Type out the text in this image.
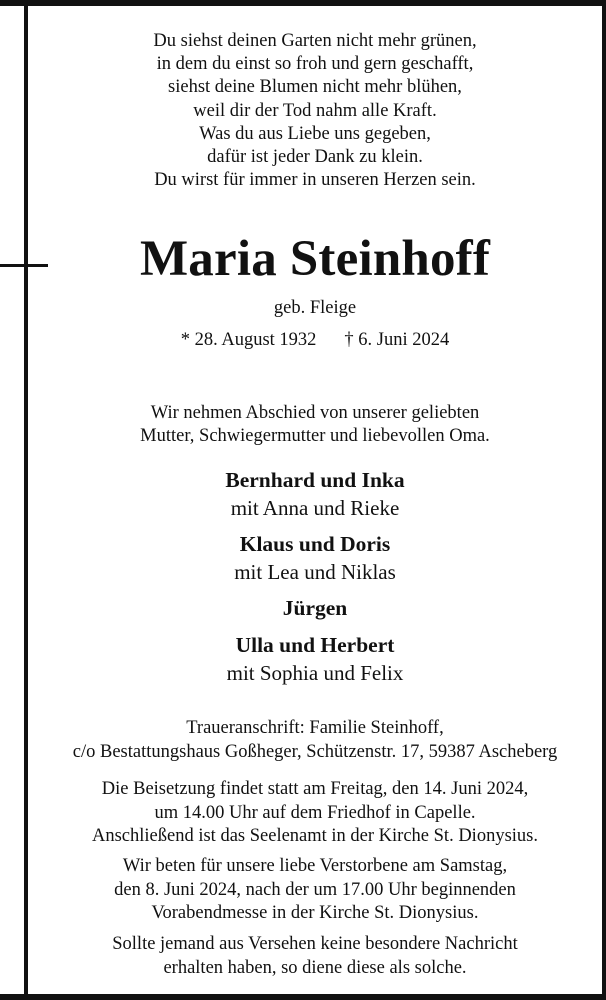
Du siehst deinen Garten nicht mehr grünen,
in dem du einst so froh und gern geschafft,
siehst deine Blumen nicht mehr blühen,
weil dir der Tod nahm alle Kraft.
Was du aus Liebe uns gegeben,
dafür ist jeder Dank zu klein.
Du wirst für immer in unseren Herzen sein.
Maria Steinhoff
geb. Fleige
* 28. August 1932 † 6. Juni 2024
Wir nehmen Abschied von unserer geliebten
Mutter, Schwiegermutter und liebevollen Oma.
Bernhard und Inka
mit Anna und Rieke
Klaus und Doris
mit Lea und Niklas
Jürgen
Ulla und Herbert
mit Sophia und Felix
Traueranschrift: Familie Steinhoff,
c/o Bestattungshaus Goßheger, Schützenstr. 17, 59387 Ascheberg
Die Beisetzung findet statt am Freitag, den 14. Juni 2024,
um 14.00 Uhr auf dem Friedhof in Capelle.
Anschließend ist das Seelenamt in der Kirche St. Dionysius.
Wir beten für unsere liebe Verstorbene am Samstag,
den 8. Juni 2024, nach der um 17.00 Uhr beginnenden
Vorabendmesse in der Kirche St. Dionysius.
Sollte jemand aus Versehen keine besondere Nachricht
erhalten haben, so diene diese als solche.
